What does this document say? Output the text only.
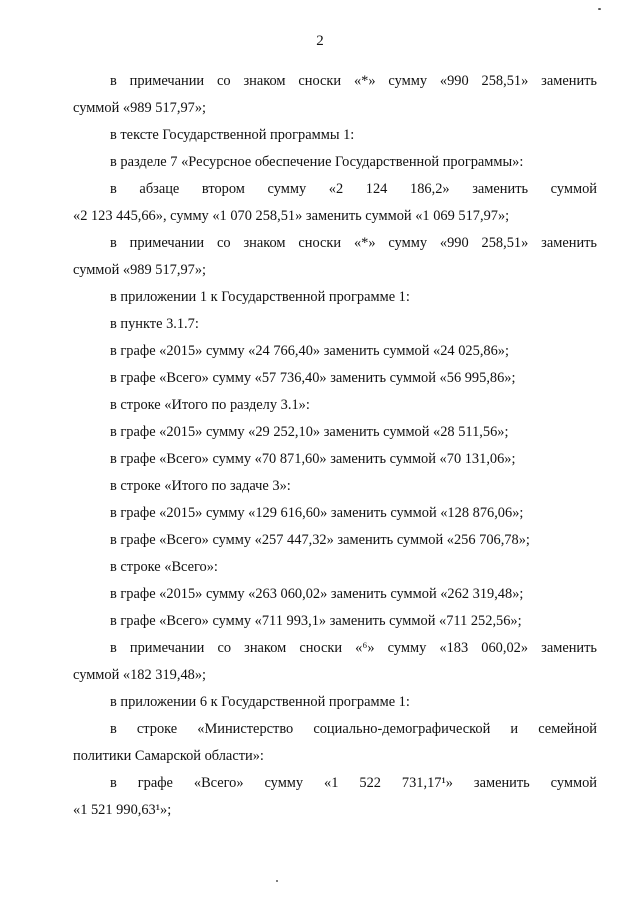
2

в примечании со знаком сноски «*» сумму «990 258,51» заменить

суммой «989 517,97»;

в тексте Государственной программы 1:

в разделе 7 «Ресурсное обеспечение Государственной программы»:

в абзаце втором сумму «2 124 186,2» заменить суммой

«2 123 445,66», сумму «1 070 258,51» заменить суммой «1 069 517,97»;

в примечании со знаком сноски «*» сумму «990 258,51» заменить

суммой «989 517,97»;

в приложении 1 к Государственной программе 1:

в пункте 3.1.7:

в графе «2015» сумму «24 766,40» заменить суммой «24 025,86»;

в графе «Всего» сумму «57 736,40» заменить суммой «56 995,86»;

в строке «Итого по разделу 3.1»:

в графе «2015» сумму «29 252,10» заменить суммой «28 511,56»;

в графе «Всего» сумму «70 871,60» заменить суммой «70 131,06»;

в строке «Итого по задаче 3»:

в графе «2015» сумму «129 616,60» заменить суммой «128 876,06»;

в графе «Всего» сумму «257 447,32» заменить суммой «256 706,78»;

в строке «Всего»:

в графе «2015» сумму «263 060,02» заменить суммой «262 319,48»;

в графе «Всего» сумму «711 993,1» заменить суммой «711 252,56»;

в примечании со знаком сноски «⁶» сумму «183 060,02» заменить

суммой «182 319,48»;

в приложении 6 к Государственной программе 1:

в строке «Министерство социально-демографической и семейной

политики Самарской области»:

в графе «Всего» сумму «1 522 731,17¹» заменить суммой

«1 521 990,63¹»;
